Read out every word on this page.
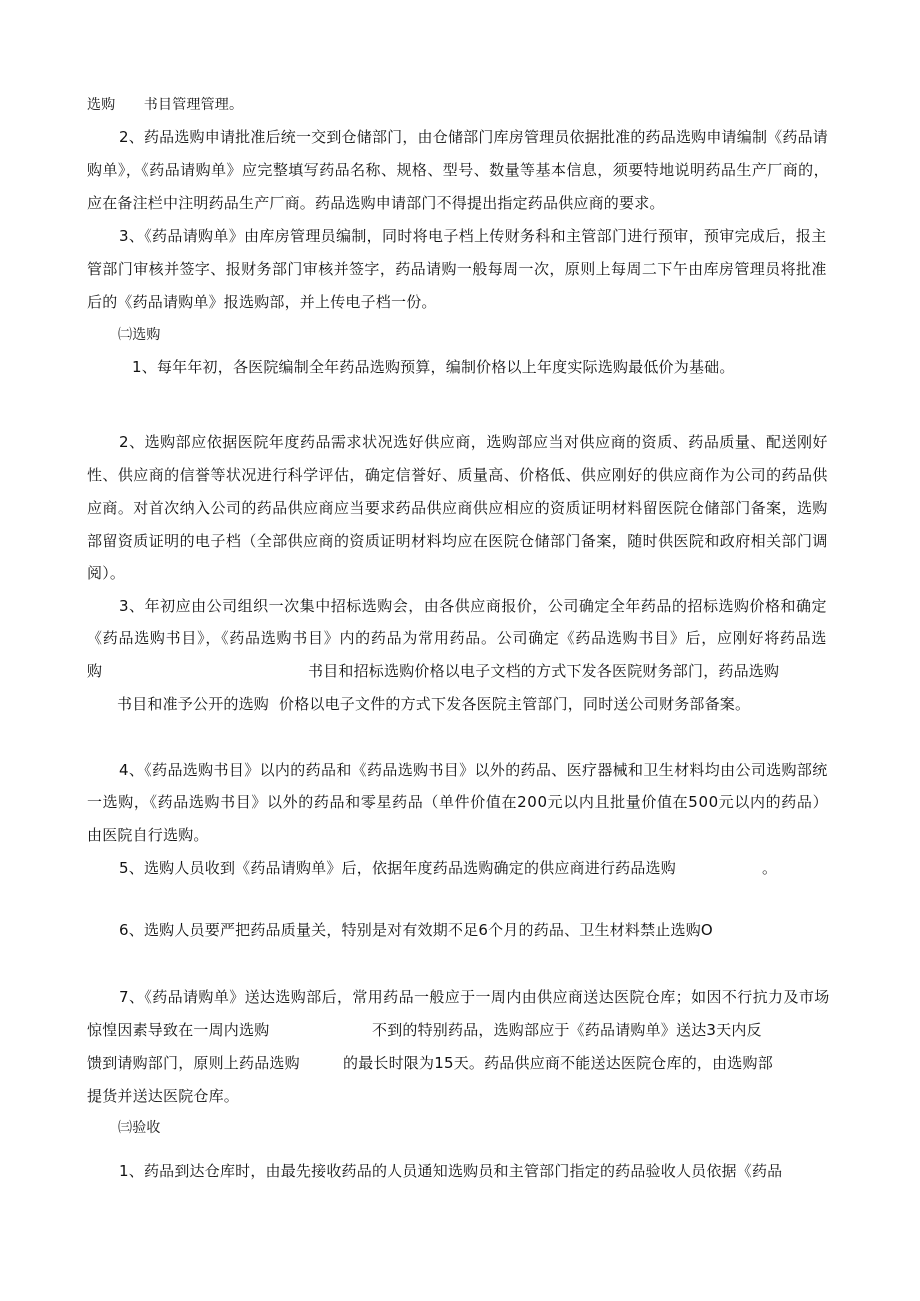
选购　　书目管理管理。
2、药品选购申请批准后统一交到仓储部门，由仓储部门库房管理员依据批准的药品选购申请编制《药品请
购单》，《药品请购单》应完整填写药品名称、规格、型号、数量等基本信息，须要特地说明药品生产厂商的，
应在备注栏中注明药品生产厂商。药品选购申请部门不得提出指定药品供应商的要求。
3、《药品请购单》由库房管理员编制，同时将电子档上传财务科和主管部门进行预审，预审完成后，报主
管部门审核并签字、报财务部门审核并签字，药品请购一般每周一次，原则上每周二下午由库房管理员将批准
后的《药品请购单》报选购部，并上传电子档一份。
㈡选购
1、每年年初，各医院编制全年药品选购预算，编制价格以上年度实际选购最低价为基础。
2、选购部应依据医院年度药品需求状况选好供应商，选购部应当对供应商的资质、药品质量、配送刚好
性、供应商的信誉等状况进行科学评估，确定信誉好、质量高、价格低、供应刚好的供应商作为公司的药品供
应商。对首次纳入公司的药品供应商应当要求药品供应商供应相应的资质证明材料留医院仓储部门备案，选购
部留资质证明的电子档（全部供应商的资质证明材料均应在医院仓储部门备案，随时供医院和政府相关部门调
阅）。
3、年初应由公司组织一次集中招标选购会，由各供应商报价，公司确定全年药品的招标选购价格和确定
《药品选购书目》，《药品选购书目》内的药品为常用药品。公司确定《药品选购书目》后，应刚好将药品选
购	书目和招标选购价格以电子文档的方式下发各医院财务部门，药品选购
书目和准予公开的选购 价格以电子文件的方式下发各医院主管部门，同时送公司财务部备案。
4、《药品选购书目》以内的药品和《药品选购书目》以外的药品、医疗器械和卫生材料均由公司选购部统
一选购，《药品选购书目》以外的药品和零星药品（单件价值在200元以内且批量价值在500元以内的药品）
由医院自行选购。
5、选购人员收到《药品请购单》后，依据年度药品选购确定的供应商进行药品选购	。
6、选购人员要严把药品质量关，特别是对有效期不足6个月的药品、卫生材料禁止选购O
7、《药品请购单》送达选购部后，常用药品一般应于一周内由供应商送达医院仓库；如因不行抗力及市场
惊惶因素导致在一周内选购	不到的特别药品，选购部应于《药品请购单》送达3天内反
馈到请购部门，原则上药品选购	的最长时限为15天。药品供应商不能送达医院仓库的，由选购部
提货并送达医院仓库。
㈢验收
1、药品到达仓库时，由最先接收药品的人员通知选购员和主管部门指定的药品验收人员依据《药品
